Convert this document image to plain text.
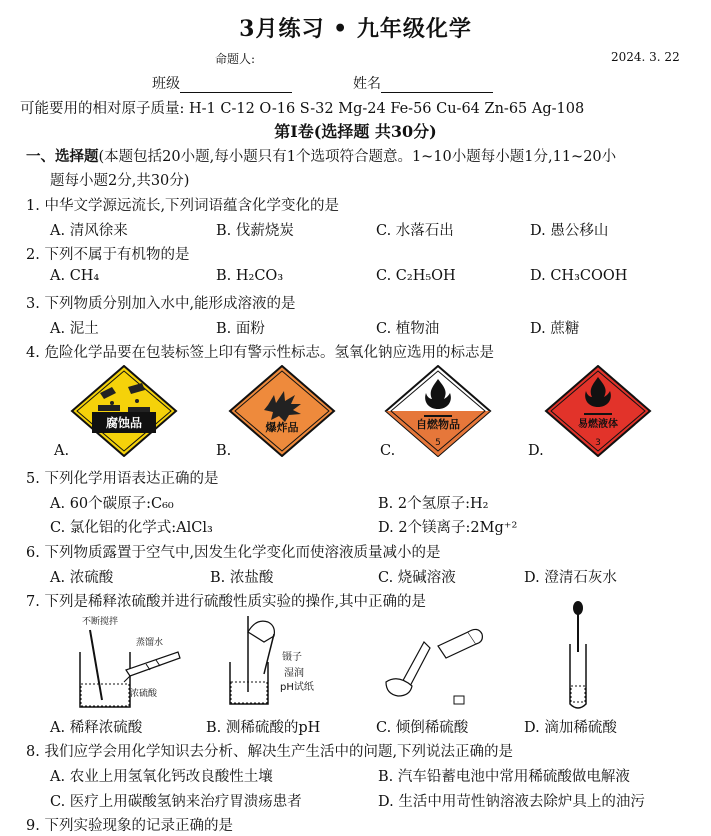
3月练习 • 九年级化学
命题人:	2024. 3. 22
班级	姓名
可能要用的相对原子质量: H-1 C-12 O-16 S-32 Mg-24 Fe-56 Cu-64 Zn-65 Ag-108
第Ⅰ卷(选择题 共30分)
一、选择题(本题包括20小题,每小题只有1个选项符合题意。1~10小题每小题1分,11~20小
题每小题2分,共30分)
1. 中华文学源远流长,下列词语蕴含化学变化的是
A. 清风徐来	B. 伐薪烧炭	C. 水落石出	D. 愚公移山
2. 下列不属于有机物的是
A. CH₄	B. H₂CO₃	C. C₂H₅OH	D. CH₃COOH
3. 下列物质分别加入水中,能形成溶液的是
A. 泥土	B. 面粉	C. 植物油	D. 蔗糖
4. 危险化学品要在包装标签上印有警示性标志。氢氧化钠应选用的标志是
腐蚀品
A.
爆炸品
B.
自燃物品
5
C.
易燃液体
3
D.
5. 下列化学用语表达正确的是
A. 60个碳原子:C₆₀	B. 2个氢原子:H₂
C. 氯化铝的化学式:AlCl₃	D. 2个镁离子:2Mg⁺²
6. 下列物质露置于空气中,因发生化学变化而使溶液质量减小的是
A. 浓硫酸	B. 浓盐酸	C. 烧碱溶液	D. 澄清石灰水
7. 下列是稀释浓硫酸并进行硫酸性质实验的操作,其中正确的是
不断搅拌
蒸馏水
浓硫酸
A. 稀释浓硫酸
镊子
湿润
pH试纸
B. 测稀硫酸的pH	C. 倾倒稀硫酸	D. 滴加稀硫酸
8. 我们应学会用化学知识去分析、解决生产生活中的问题,下列说法正确的是
A. 农业上用氢氧化钙改良酸性土壤	B. 汽车铅蓄电池中常用稀硫酸做电解液
C. 医疗上用碳酸氢钠来治疗胃溃疡患者	D. 生活中用苛性钠溶液去除炉具上的油污
9. 下列实验现象的记录正确的是
